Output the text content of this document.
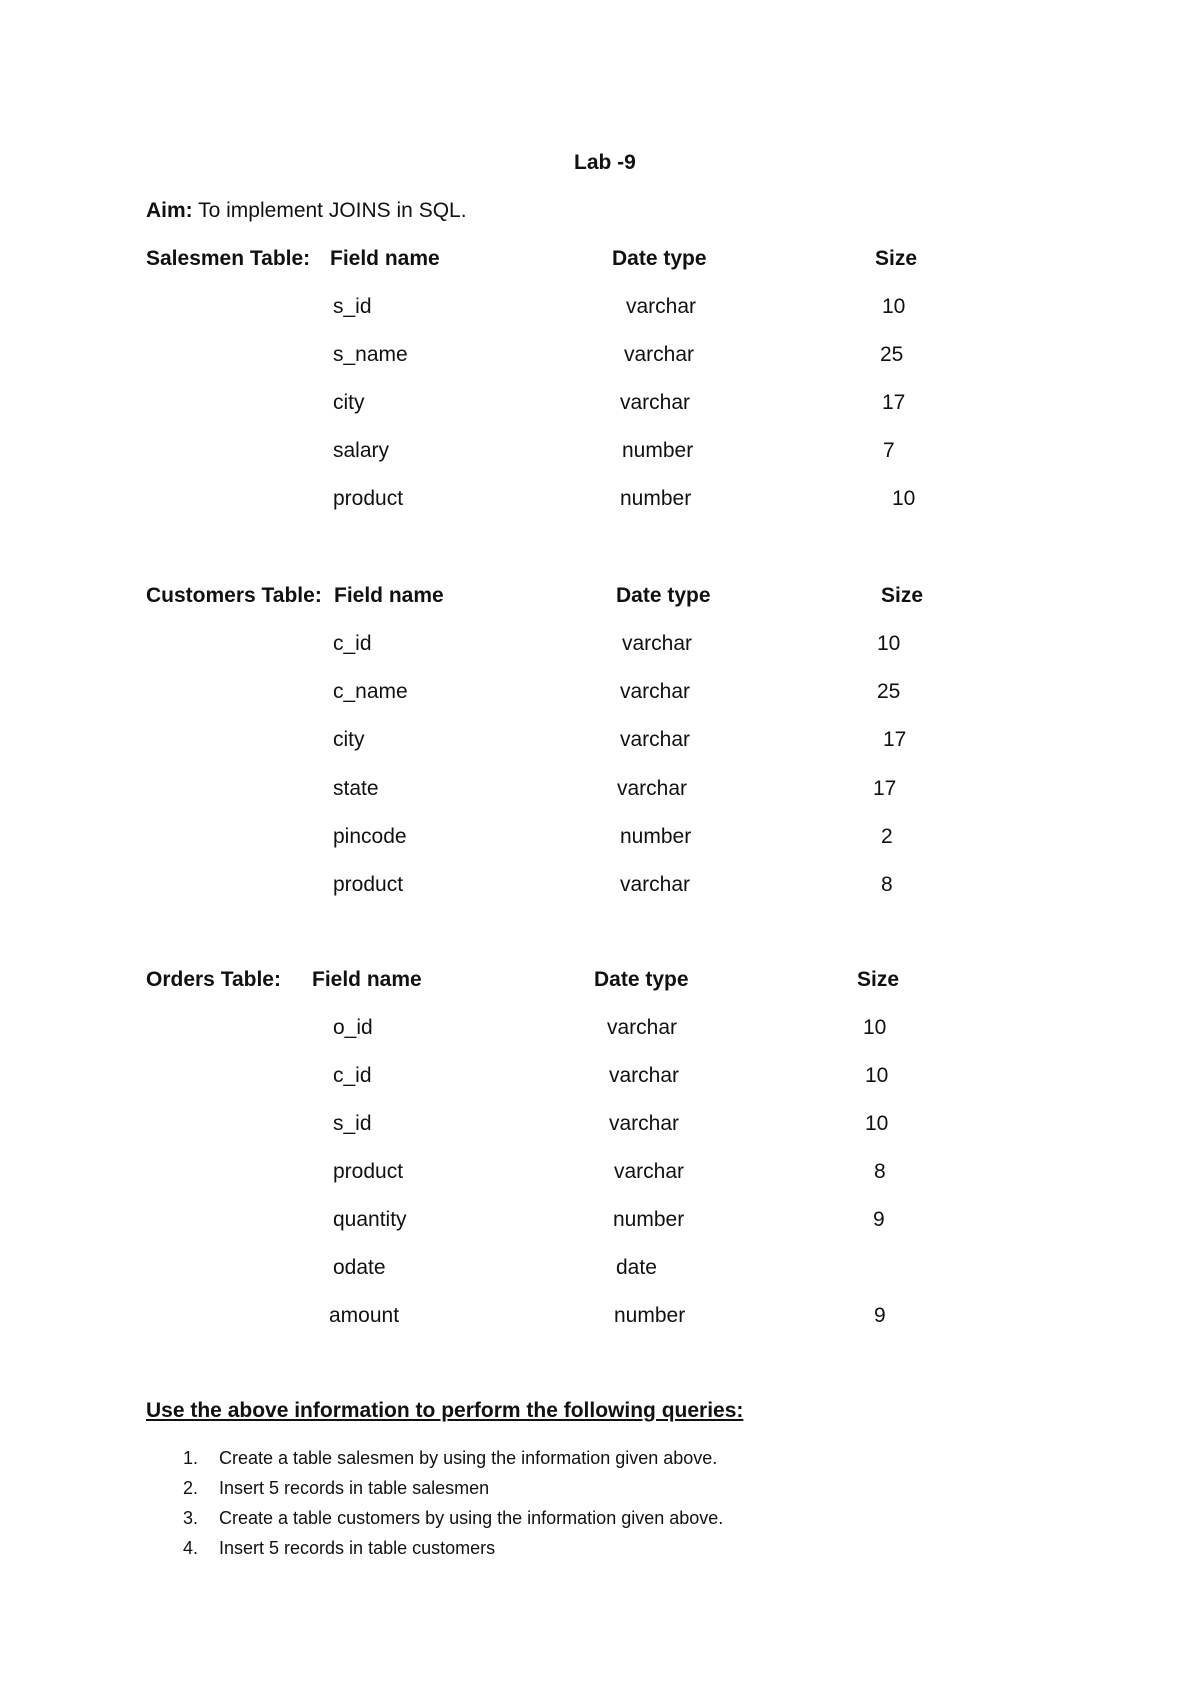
Lab -9
Aim: To implement JOINS in SQL.
Salesmen Table: Field name	Date type	Size
s_id	varchar	10
s_name	varchar	25
city	varchar	17
salary	number	7
product	number	10
Customers Table: Field name	Date type	Size
c_id	varchar	10
c_name	varchar	25
city	varchar	17
state	varchar	17
pincode	number	2
product	varchar	8
Orders Table: Field name	Date type	Size
o_id	varchar	10
c_id	varchar	10
s_id	varchar	10
product	varchar	8
quantity	number	9
odate	date
amount	number	9
Use the above information to perform the following queries:
1. Create a table salesmen by using the information given above.
2. Insert 5 records in table salesmen
3. Create a table customers by using the information given above.
4. Insert 5 records in table customers
